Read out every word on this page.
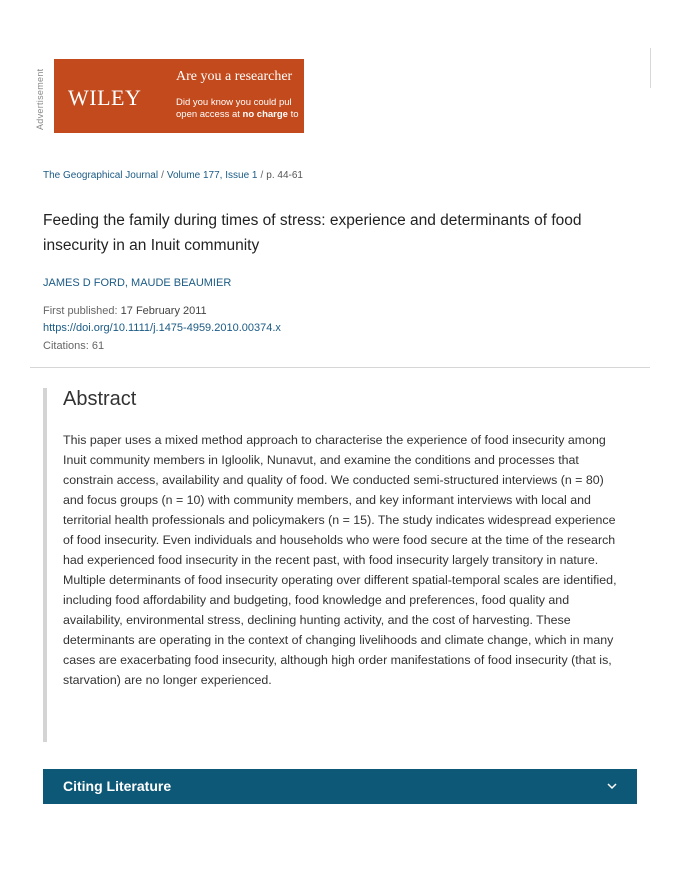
Advertisement WILEY
Are you a researcher
Did you know you could pul
open access at no charge to
The Geographical Journal / Volume 177, Issue 1 / p. 44-61
Feeding the family during times of stress: experience and determinants of food insecurity in an Inuit community
JAMES D FORD, MAUDE BEAUMIER
First published: 17 February 2011
https://doi.org/10.1111/j.1475-4959.2010.00374.x
Citations: 61
Abstract

This paper uses a mixed method approach to characterise the experience of food insecurity among Inuit community members in Igloolik, Nunavut, and examine the conditions and processes that constrain access, availability and quality of food. We conducted semi-structured interviews (n = 80) and focus groups (n = 10) with community members, and key informant interviews with local and territorial health professionals and policymakers (n = 15). The study indicates widespread experience of food insecurity. Even individuals and households who were food secure at the time of the research had experienced food insecurity in the recent past, with food insecurity largely transitory in nature. Multiple determinants of food insecurity operating over different spatial-temporal scales are identified, including food affordability and budgeting, food knowledge and preferences, food quality and availability, environmental stress, declining hunting activity, and the cost of harvesting. These determinants are operating in the context of changing livelihoods and climate change, which in many cases are exacerbating food insecurity, although high order manifestations of food insecurity (that is, starvation) are no longer experienced.

Citing Literature
